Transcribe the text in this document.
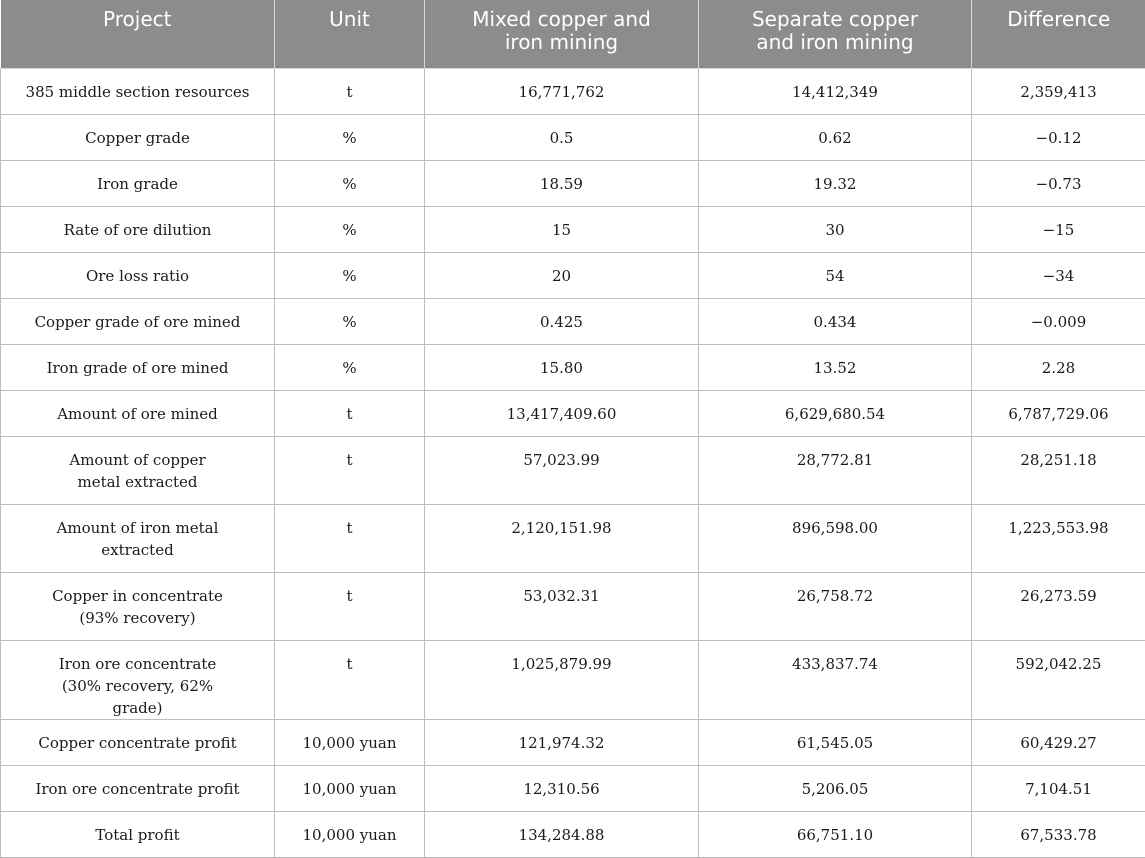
Project	Unit	Mixed copper and iron mining	Separate copper and iron mining	Difference
385 middle section resources	t	16,771,762	14,412,349	2,359,413
Copper grade	%	0.5	0.62	−0.12
Iron grade	%	18.59	19.32	−0.73
Rate of ore dilution	%	15	30	−15
Ore loss ratio	%	20	54	−34
Copper grade of ore mined	%	0.425	0.434	−0.009
Iron grade of ore mined	%	15.80	13.52	2.28
Amount of ore mined	t	13,417,409.60	6,629,680.54	6,787,729.06

Amount of copper metal extracted	t	57,023.99	28,772.81	28,251.18

Amount of iron metal extracted	t	2,120,151.98	896,598.00	1,223,553.98

Copper in concentrate (93% recovery)	t	53,032.31	26,758.72	26,273.59

Iron ore concentrate (30% recovery, 62% grade)	t	1,025,879.99	433,837.74	592,042.25
Copper concentrate profit	10,000 yuan	121,974.32	61,545.05	60,429.27
Iron ore concentrate profit	10,000 yuan	12,310.56	5,206.05	7,104.51
Total profit	10,000 yuan	134,284.88	66,751.10	67,533.78
